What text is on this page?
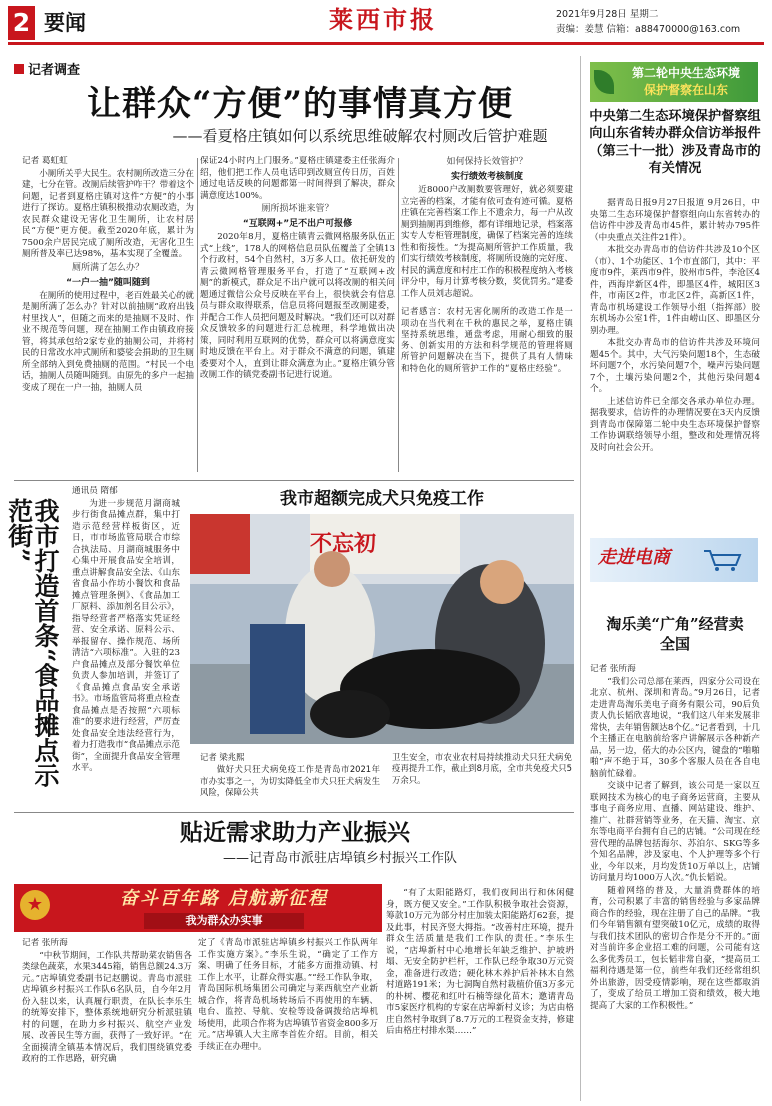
2 要闻	莱西市报	2021年9月28日 星期二
责编：姜慧 信箱：a88470000@163.com
记者调查
让群众“方便”的事情真方便
——看夏格庄镇如何以系统思维破解农村厕改后管护难题

记者 葛虹虹

小厕所关乎大民生。农村厕所改造三分在建，七分在管。改厕后续管护咋干？带着这个问题，记者到夏格庄镇对这件“方便”的小事进行了探访。夏格庄镇积极推动农厕改造，为农民群众建设无害化卫生厕所，让农村居民“方便”更方便。截至2020年底，累计为7500余户居民完成了厕所改造，无害化卫生厕所普及率已达98%，基本实现了全覆盖。

厕所满了怎么办？
“一户一抽”随叫随到

在厕所的使用过程中，老百姓最关心的就是厕所满了怎么办？针对以前抽厕“政府出钱村里找人”，但随之而来的是抽厕不及时、作业不规范等问题，现在抽厕工作由镇政府接管，将其承包给2家专业的抽厕公司，并将村民的日常改水冲式厕所和婆娑会捐助的卫生厕所全部纳入到免费抽厕的范围。“村民一个电话，抽厕人员随叫随到。由原先的多户一起抽变成了现在一户一抽，抽厕人员

保证24小时内上门服务。”夏格庄镇建委主任张海介绍，他们把工作人员电话印到改厕宣传日历，百姓通过电话反映的问题都第一时间得到了解决，群众满意度达100%。

厕所损坏谁来管？
“互联网+”足不出户可报修

2020年8月，夏格庄镇青云微网格服务队伍正式“上线”，178人的网格信息员队伍覆盖了全镇13个行政村，54个自然村，3万多人口。依托研发的青云微网格管理服务平台，打造了“互联网+改厕”的新模式，群众足不出户就可以将改厕的相关问题通过微信公众号反映在平台上，很快就会有信息员与群众取得联系，信息员将问题报至改厕建委，并配合工作人员把问题及时解决。“我们还可以对群众反馈较多的问题进行汇总梳理，科学地做出决策，同时利用互联网的优势，群众可以将满意度实时地反馈在平台上。对于群众不满意的问题，镇建委要对个人，直到让群众满意为止。”夏格庄镇分管改厕工作的镇党委副书记进行说道。

如何保持长效管护？
实行绩效考核制度

近8000户改厕数要管理好，就必须要建立完善的档案，才能有依可查有迹可循。夏格庄镇在完善档案工作上不遗余力，每一户从改厕到抽厕再到维修，都有详细地记录，档案落实专人专柜管理制度，确保了档案完善的连续性和衔接性。“为提高厕所管护工作质量，我们实行绩效考核制度，将厕所设施的完好度、村民的满意度和村庄工作的积极程度纳入考核评分中，每月计算考核分数，奖优罚劣。”建委工作人员刘志超说。

记者感言：农村无害化厕所的改造工作是一项动在当代利在千秋的惠民之举，夏格庄镇坚持系统思维，通盘考虑，用耐心细致的服务、创新实用的方法和科学规范的管理将厕所管护问题解决在当下，提供了具有人情味和特色化的厕所管护工作的“夏格庄经验”。

我市打造首条“食品摊点示范街”

通讯员 隋郁

为进一步规范月湖商城步行街食品摊点群，集中打造示范经营样板街区，近日，市市场监管局联合市综合执法局、月湖商城服务中心集中开展食品安全培训，重点讲解食品安全法、《山东省食品小作坊小餐饮和食品摊点管理条例》、《食品加工厂原料、添加剂名目公示》，指导经营者严格落实凭证经营、安全承诺、原料公示、举报留存、操作规范、场所清洁“六项标准”。入驻的23户食品摊点及部分餐饮单位负责人参加培训，并签订了《食品摊点食品安全承诺书》。市场监管局将重点检查食品摊点是否按照“六项标准”的要求进行经营，严厉查处食品安全违法经营行为，着力打造我市“食品摊点示范街”，全面提升食品安全管理水平。

我市超额完成犬只免疫工作
不忘初

记者 梁兆熙

做好犬只狂犬病免疫工作是青岛市2021年市办实事之一，为切实降低全市犬只狂犬病发生风险，保障公共

卫生安全，市农业农村局持续推动犬只狂犬病免疫再提升工作，截止到8月底，全市共免疫犬只5万余只。

贴近需求助力产业振兴
——记青岛市派驻店埠镇乡村振兴工作队
★	奋斗百年路 启航新征程
我为群众办实事

记者 张所海

“中秋节期间，工作队共帮助菜农销售各类绿色蔬菜，水果3445箱，销售总额24.3万元。”店埠镇党委副书记赵鹏说。青岛市派驻店埠镇乡村振兴工作队6名队员，自今年2月份入驻以来，认真履行职责，在队长李乐生的统筹安排下，整体系统地研究分析派驻镇村的问题，在助力乡村振兴、航空产业发展、改善民生等方面，获得了一致好评。“在全面摸清全镇基本情况后，我们围绕镇党委政府的工作思路，研究确

定了《青岛市派驻店埠镇乡村振兴工作队两年工作实施方案》。”李乐生说，“确定了工作方案、明确了任务目标，才能多方面推动镇、村工作上水平，让群众得实惠。”“经工作队争取，青岛国际机场集团公司确定与莱西航空产业新城合作，将青岛机场转场后不再使用的车辆、电台、监控、导航、安检等设备调拨给店埠机场使用，此项合作将为店埠镇节省资金800多万元。”店埠镇人大主席李首佐介绍。目前，相关手续正在办理中。

“有了太阳能路灯，我们夜间出行和休闲健身，既方便又安全。”工作队积极争取社会资源，筹款10万元为部分村庄加装太阳能路灯62套，提及此事，村民齐竖大拇指。“改善村庄环境，提升群众生活质量是我们工作队的责任。”李乐生说，“店埠新村中心地增长年缺乏维护、护坡坍塌、无安全防护栏杆，工作队已经争取30万元资金，准备进行改造；硬化林木养护后补林木自然村道路191米；为七洞陶自然村栽植价值3万多元的朴树、樱花和红叶石楠等绿化苗木；邀请青岛市5家医疗机构的专家在店埠新村义诊；为店由格庄自然村争取到了8.7万元的工程资金支持，修建后由格庄村排水渠……”

第二轮中央生态环境
保护督察在山东
中央第二生态环境保护督察组向山东省转办群众信访举报件（第三十一批）涉及青岛市的有关情况

据青岛日报9月27日报道 9月26日，中央第二生态环境保护督察组向山东省转办的信访件中涉及青岛市45件，累计转办795件（中央重点关注件21件）。

本批交办青岛市的信访件共涉及10个区（市）、1个功能区、1个市直部门，其中：平度市9件，莱西市9件，胶州市5件，李沧区4件，西海岸新区4件，即墨区4件，城阳区3件，市南区2件，市北区2件，高新区1件，青岛市机场建设工作领导小组（指挥部）胶东机场办公室1件，1件由崂山区、即墨区分别办理。

本批交办青岛市的信访件共涉及环境问题45个。其中，大气污染问题18个，生态破坏问题7个，水污染问题7个，噪声污染问题7个，土壤污染问题2个，其他污染问题4个。

上述信访件已全部交各承办单位办理。据我要求，信访件的办理情况要在3天内反馈到青岛市保障第二轮中央生态环境保护督察工作协调联络领导小组，整改和处理情况将及时向社会公开。

走进电商
淘乐美“广角”经营卖全国

记者 张所海

“我们公司总部在莱西，四家分公司设在北京、杭州、深圳和青岛。”9月26日，记者走进青岛淘乐美电子商务有限公司，90后负责人仇长韬欣喜地说，“我们这八年来发展非常快，去年销售额达8个亿。”记者看到，十几个主播正在电脑前给客户讲解展示各种新产品，另一边，偌大的办公区内，键盘的“啪啪啪”声不绝于耳，30多个客服人员在各自电脑前忙碌着。

交谈中记者了解到，该公司是一家以互联网技术为核心的电子商务运营商，主要从事电子商务应用、直播、网站建设、维护、推广、社群营销等业务，在天猫、淘宝、京东等电商平台拥有自己的店铺。“公司现在经营代理的品牌包括海尔、苏泊尔、SKG等多个知名品牌，涉及家电、个人护理等多个行业，今年以来，月均发货10万单以上，店铺访问量月均1000万人次。”仇长韬说。

随着网络的普及，大量消费群体的培育，公司积累了丰富的销售经验与多家品牌商合作的经验，现在注册了自己的品牌。“我们今年销售额有望突破10亿元，成绩的取得与我们技术团队的密切合作是分不开的。”面对当前许多企业招工难的问题，公司能有这么多优秀员工，包长韬非常自豪，“提高员工福利待遇是第一位，前些年我们还经常组织外出旅游，因受疫情影响，现在这些都取消了，变成了给员工增加工资和绩效，极大地提高了大家的工作积极性。”
